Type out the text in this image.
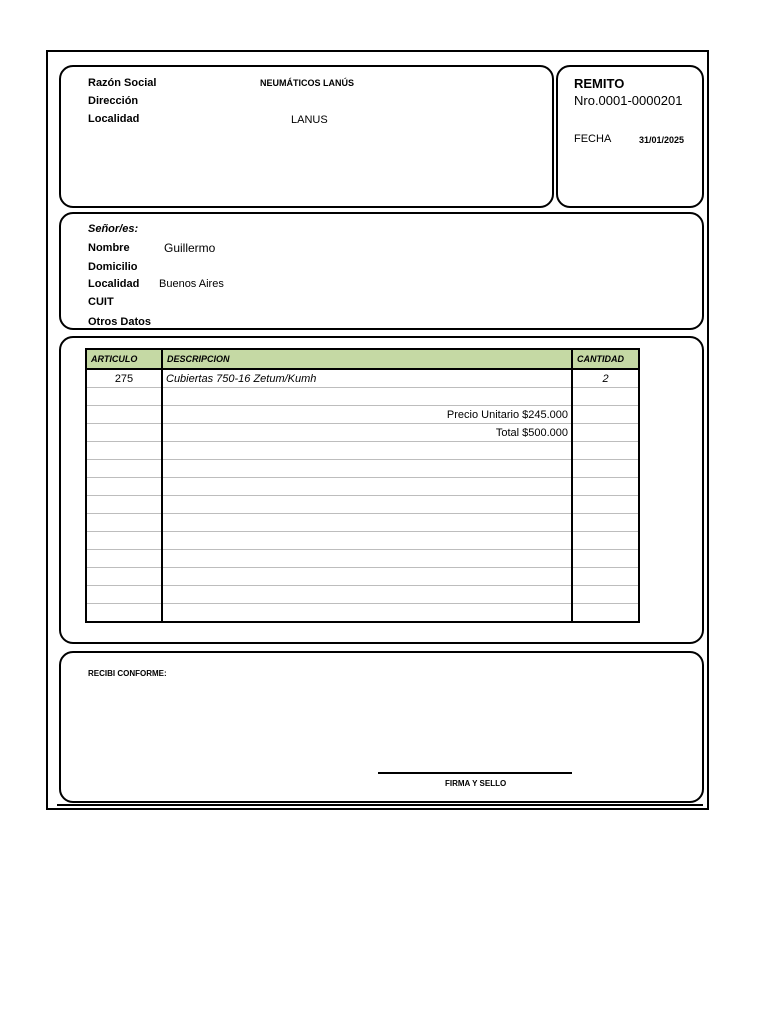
Razón Social	NEUMÁTICOS LANÚS
Dirección
Localidad	LANUS
REMITO
Nro.0001-0000201
FECHA	31/01/2025
Señor/es:
Nombre	Guillermo
Domicilio
Localidad Buenos Aires
CUIT
Otros Datos
ARTICULO	DESCRIPCION	CANTIDAD
275	Cubiertas 750-16 Zetum/Kumh	2

	Precio Unitario $245.000	
	Total $500.000	

RECIBI CONFORME:
FIRMA Y SELLO
